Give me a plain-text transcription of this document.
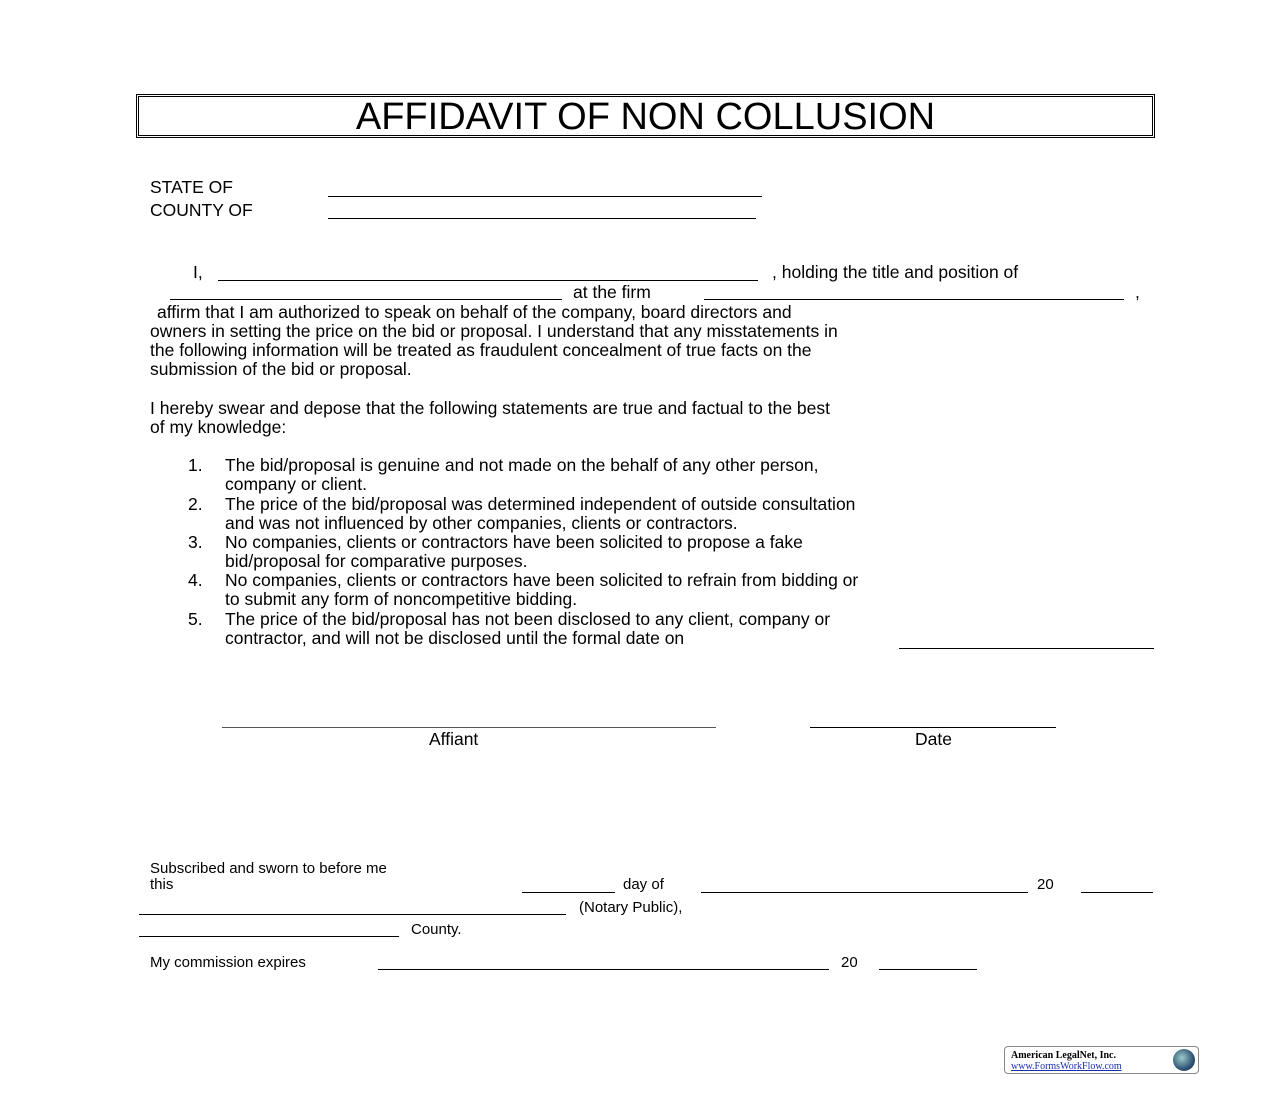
AFFIDAVIT OF NON COLLUSION
STATE OF
COUNTY OF
I,	, holding the title and position of
at the firm	,
affirm that I am authorized to speak on behalf of the company, board directors and
owners in setting the price on the bid or proposal. I understand that any misstatements in
the following information will be treated as fraudulent concealment of true facts on the
submission of the bid or proposal.
I hereby swear and depose that the following statements are true and factual to the best
of my knowledge:
1. The bid/proposal is genuine and not made on the behalf of any other person,
company or client.
2. The price of the bid/proposal was determined independent of outside consultation
and was not influenced by other companies, clients or contractors.
3. No companies, clients or contractors have been solicited to propose a fake
bid/proposal for comparative purposes.
4. No companies, clients or contractors have been solicited to refrain from bidding or
to submit any form of noncompetitive bidding.
5. The price of the bid/proposal has not been disclosed to any client, company or
contractor, and will not be disclosed until the formal date on
Affiant	Date
Subscribed and sworn to before me
this	day of	20
(Notary Public),
County.
My commission expires	20
American LegalNet, Inc.
www.FormsWorkFlow.com
